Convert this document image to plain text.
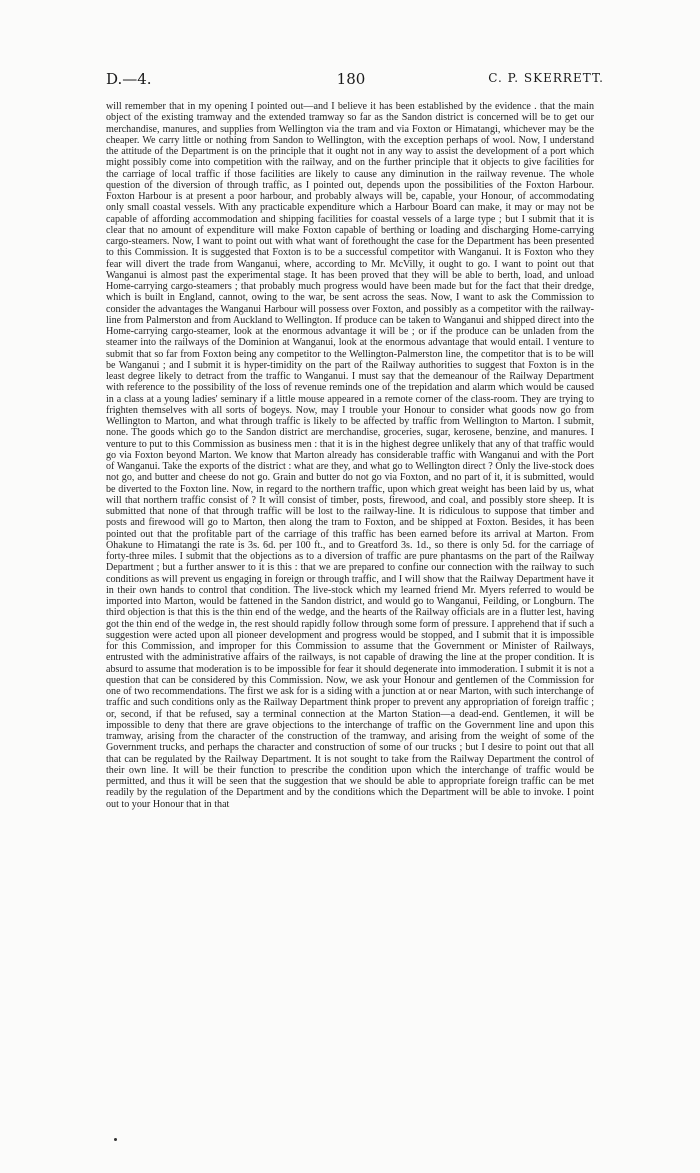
D.—4.	180	C. P. SKERRETT.

will remember that in my opening I pointed out—and I believe it has been established by the evidence . that the main object of the existing tramway and the extended tramway so far as the Sandon district is concerned will be to get our merchandise, manures, and supplies from Wellington via the tram and via Foxton or Himatangi, whichever may be the cheaper. We carry little or nothing from Sandon to Wellington, with the exception perhaps of wool. Now, I understand the attitude of the Department is on the principle that it ought not in any way to assist the development of a port which might possibly come into competition with the railway, and on the further principle that it objects to give facilities for the carriage of local traffic if those facilities are likely to cause any diminution in the railway revenue. The whole question of the diversion of through traffic, as I pointed out, depends upon the possibilities of the Foxton Harbour. Foxton Harbour is at present a poor harbour, and probably always will be, capable, your Honour, of accommodating only small coastal vessels. With any practicable expenditure which a Harbour Board can make, it may or may not be capable of affording accommodation and shipping facilities for coastal vessels of a large type ; but I submit that it is clear that no amount of expenditure will make Foxton capable of berthing or loading and discharging Home-carrying cargo-steamers. Now, I want to point out with what want of forethought the case for the Department has been presented to this Commission. It is suggested that Foxton is to be a successful competitor with Wanganui. It is Foxton who they fear will divert the trade from Wanganui, where, according to Mr. McVilly, it ought to go. I want to point out that Wanganui is almost past the experimental stage. It has been proved that they will be able to berth, load, and unload Home-carrying cargo-steamers ; that probably much progress would have been made but for the fact that their dredge, which is built in England, cannot, owing to the war, be sent across the seas. Now, I want to ask the Commission to consider the advantages the Wanganui Harbour will possess over Foxton, and possibly as a competitor with the railway-line from Palmerston and from Auckland to Wellington. If produce can be taken to Wanganui and shipped direct into the Home-carrying cargo-steamer, look at the enormous advantage it will be ; or if the produce can be unladen from the steamer into the railways of the Dominion at Wanganui, look at the enormous advantage that would entail. I venture to submit that so far from Foxton being any competitor to the Wellington-Palmerston line, the competitor that is to be will be Wanganui ; and I submit it is hyper-timidity on the part of the Railway authorities to suggest that Foxton is in the least degree likely to detract from the traffic to Wanganui. I must say that the demeanour of the Railway Department with reference to the possibility of the loss of revenue reminds one of the trepidation and alarm which would be caused in a class at a young ladies' seminary if a little mouse appeared in a remote corner of the class-room. They are trying to frighten themselves with all sorts of bogeys. Now, may I trouble your Honour to consider what goods now go from Wellington to Marton, and what through traffic is likely to be affected by traffic from Wellington to Marton. I submit, none. The goods which go to the Sandon district are merchandise, groceries, sugar, kerosene, benzine, and manures. I venture to put to this Commission as business men : that it is in the highest degree unlikely that any of that traffic would go via Foxton beyond Marton. We know that Marton already has considerable traffic with Wanganui and with the Port of Wanganui. Take the exports of the district : what are they, and what go to Wellington direct ? Only the live-stock does not go, and butter and cheese do not go. Grain and butter do not go via Foxton, and no part of it, it is submitted, would be diverted to the Foxton line. Now, in regard to the northern traffic, upon which great weight has been laid by us, what will that northern traffic consist of ? It will consist of timber, posts, firewood, and coal, and possibly store sheep. It is submitted that none of that through traffic will be lost to the railway-line. It is ridiculous to suppose that timber and posts and firewood will go to Marton, then along the tram to Foxton, and be shipped at Foxton. Besides, it has been pointed out that the profitable part of the carriage of this traffic has been earned before its arrival at Marton. From Ohakune to Himatangi the rate is 3s. 6d. per 100 ft., and to Greatford 3s. 1d., so there is only 5d. for the carriage of forty-three miles. I submit that the objections as to a diversion of traffic are pure phantasms on the part of the Railway Department ; but a further answer to it is this : that we are prepared to confine our connection with the railway to such conditions as will prevent us engaging in foreign or through traffic, and I will show that the Railway Department have it in their own hands to control that condition. The live-stock which my learned friend Mr. Myers referred to would be imported into Marton, would be fattened in the Sandon district, and would go to Wanganui, Feilding, or Longburn. The third objection is that this is the thin end of the wedge, and the hearts of the Railway officials are in a flutter lest, having got the thin end of the wedge in, the rest should rapidly follow through some form of pressure. I apprehend that if such a suggestion were acted upon all pioneer development and progress would be stopped, and I submit that it is impossible for this Commission, and improper for this Commission to assume that the Government or Minister of Railways, entrusted with the administrative affairs of the railways, is not capable of drawing the line at the proper condition. It is absurd to assume that moderation is to be impossible for fear it should degenerate into immoderation. I submit it is not a question that can be considered by this Commission. Now, we ask your Honour and gentlemen of the Commission for one of two recommendations. The first we ask for is a siding with a junction at or near Marton, with such interchange of traffic and such conditions only as the Railway Department think proper to prevent any appropriation of foreign traffic ; or, second, if that be refused, say a terminal connection at the Marton Station—a dead-end. Gentlemen, it will be impossible to deny that there are grave objections to the interchange of traffic on the Government line and upon this tramway, arising from the character of the construction of the tramway, and arising from the weight of some of the Government trucks, and perhaps the character and construction of some of our trucks ; but I desire to point out that all that can be regulated by the Railway Department. It is not sought to take from the Railway Department the control of their own line. It will be their function to prescribe the condition upon which the interchange of traffic would be permitted, and thus it will be seen that the suggestion that we should be able to appropriate foreign traffic can be met readily by the regulation of the Department and by the conditions which the Department will be able to invoke. I point out to your Honour that in that
